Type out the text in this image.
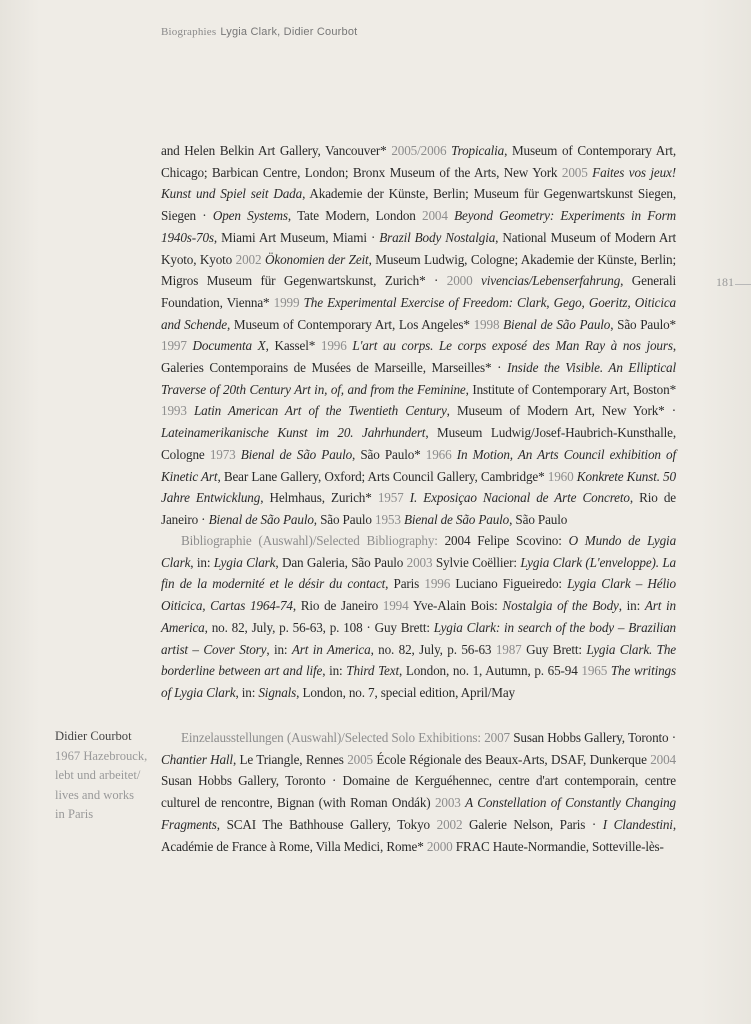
Biographies Lygia Clark, Didier Courbot
181
and Helen Belkin Art Gallery, Vancouver* 2005/2006 Tropicalia, Museum of Contemporary Art, Chicago; Barbican Centre, London; Bronx Museum of the Arts, New York 2005 Faites vos jeux! Kunst und Spiel seit Dada, Akademie der Künste, Berlin; Museum für Gegenwartskunst Siegen, Siegen · Open Systems, Tate Modern, London 2004 Beyond Geometry: Experiments in Form 1940s-70s, Miami Art Museum, Miami · Brazil Body Nostalgia, National Museum of Modern Art Kyoto, Kyoto 2002 Ökonomien der Zeit, Museum Ludwig, Cologne; Akademie der Künste, Berlin; Migros Museum für Gegenwartskunst, Zurich* · 2000 vivencias/Lebenserfahrung, Generali Foundation, Vienna* 1999 The Experimental Exercise of Freedom: Clark, Gego, Goeritz, Oiticica and Schende, Museum of Contemporary Art, Los Angeles* 1998 Bienal de São Paulo, São Paulo* 1997 Documenta X, Kassel* 1996 L'art au corps. Le corps exposé des Man Ray à nos jours, Galeries Contemporains de Musées de Marseille, Marseilles* · Inside the Visible. An Elliptical Traverse of 20th Century Art in, of, and from the Feminine, Institute of Contemporary Art, Boston* 1993 Latin American Art of the Twentieth Century, Museum of Modern Art, New York* · Lateinamerikanische Kunst im 20. Jahrhundert, Museum Ludwig/Josef-Haubrich-Kunsthalle, Cologne 1973 Bienal de São Paulo, São Paulo* 1966 In Motion, An Arts Council exhibition of Kinetic Art, Bear Lane Gallery, Oxford; Arts Council Gallery, Cambridge* 1960 Konkrete Kunst. 50 Jahre Entwicklung, Helmhaus, Zurich* 1957 I. Exposiçao Nacional de Arte Concreto, Rio de Janeiro · Bienal de São Paulo, São Paulo 1953 Bienal de São Paulo, São Paulo
Bibliographie (Auswahl)/Selected Bibliography: 2004 Felipe Scovino: O Mundo de Lygia Clark, in: Lygia Clark, Dan Galeria, São Paulo 2003 Sylvie Coëllier: Lygia Clark (L'enveloppe). La fin de la modernité et le désir du contact, Paris 1996 Luciano Figueiredo: Lygia Clark – Hélio Oiticica, Cartas 1964-74, Rio de Janeiro 1994 Yve-Alain Bois: Nostalgia of the Body, in: Art in America, no. 82, July, p. 56-63, p. 108 · Guy Brett: Lygia Clark: in search of the body – Brazilian artist – Cover Story, in: Art in America, no. 82, July, p. 56-63 1987 Guy Brett: Lygia Clark. The borderline between art and life, in: Third Text, London, no. 1, Autumn, p. 65-94 1965 The writings of Lygia Clark, in: Signals, London, no. 7, special edition, April/May
Didier Courbot
1967 Hazebrouck,
lebt und arbeitet/
lives and works
in Paris
Einzelausstellungen (Auswahl)/Selected Solo Exhibitions: 2007 Susan Hobbs Gallery, Toronto · Chantier Hall, Le Triangle, Rennes 2005 École Régionale des Beaux-Arts, DSAF, Dunkerque 2004 Susan Hobbs Gallery, Toronto · Domaine de Kerguéhennec, centre d'art contemporain, centre culturel de rencontre, Bignan (with Roman Ondák) 2003 A Constellation of Constantly Changing Fragments, SCAI The Bathhouse Gallery, Tokyo 2002 Galerie Nelson, Paris · I Clandestini, Académie de France à Rome, Villa Medici, Rome* 2000 FRAC Haute-Normandie, Sotteville-lès-
